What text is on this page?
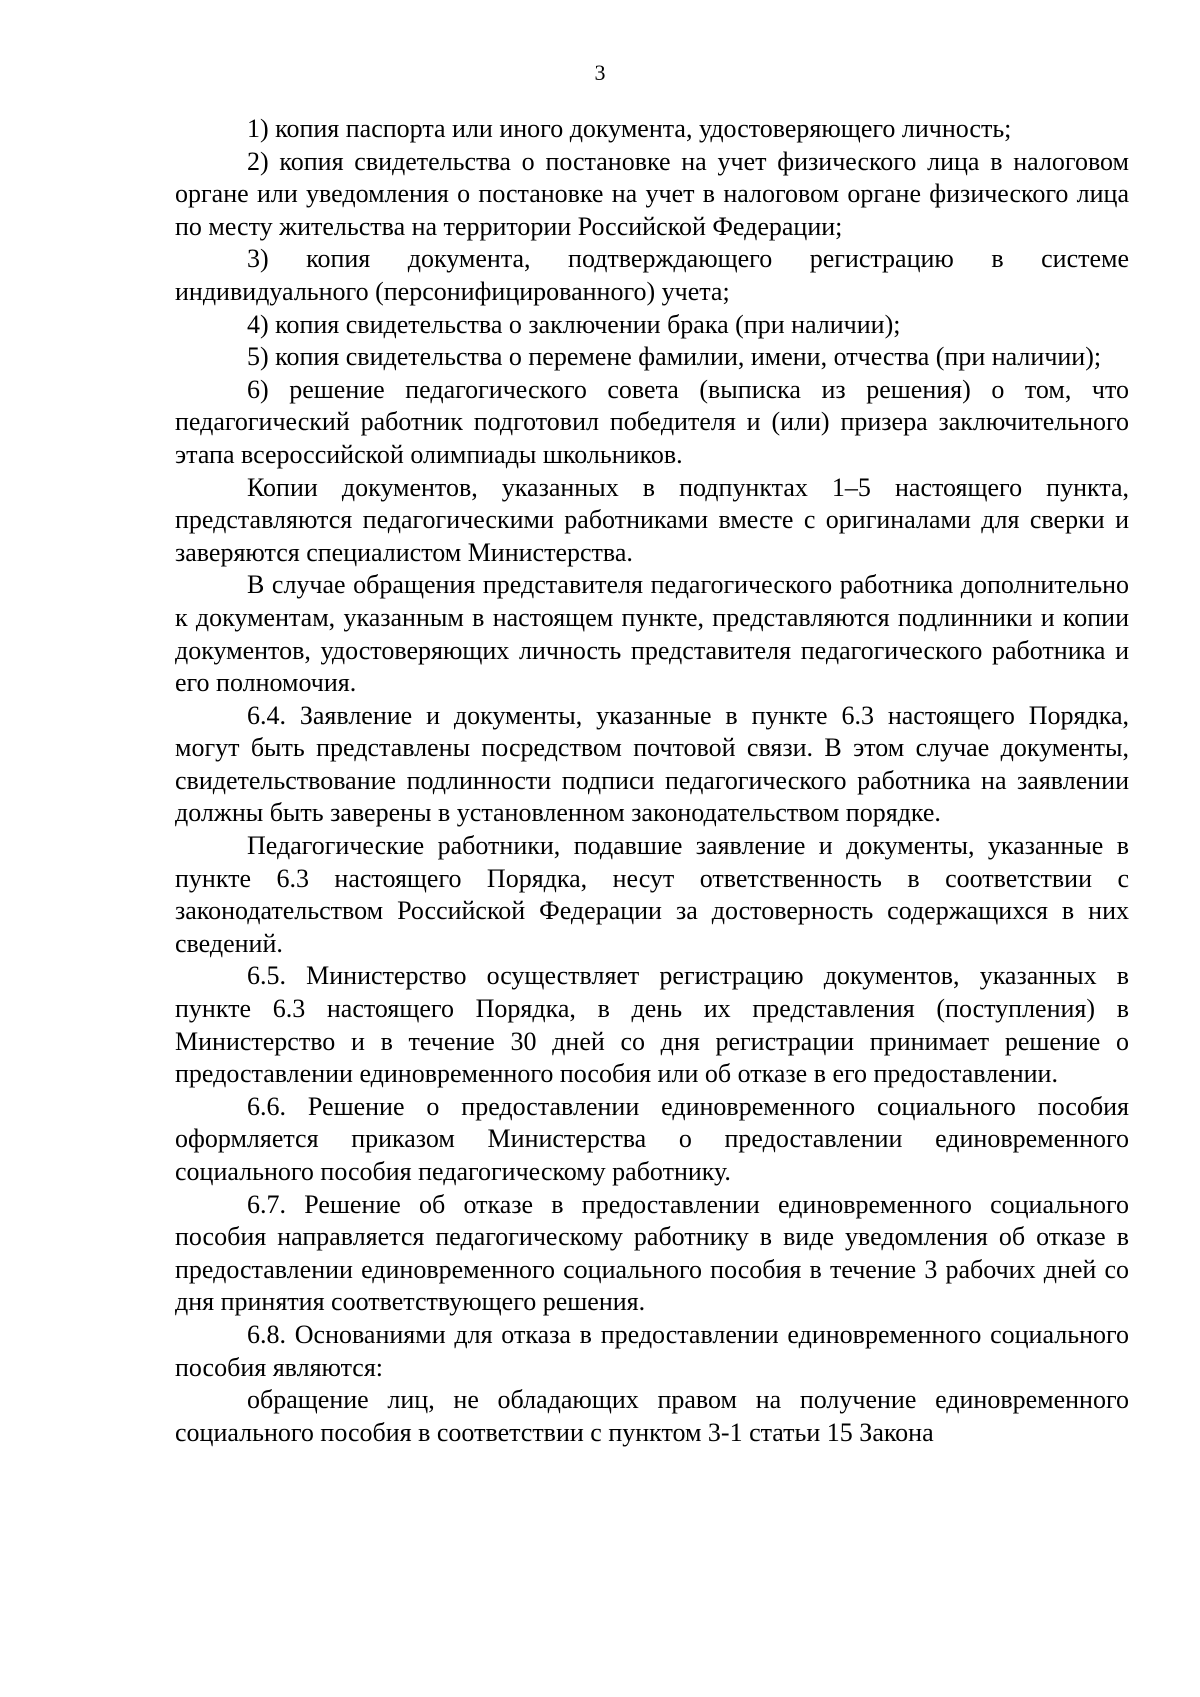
3

1) копия паспорта или иного документа, удостоверяющего личность;

2) копия свидетельства о постановке на учет физического лица в налоговом органе или уведомления о постановке на учет в налоговом органе физического лица по месту жительства на территории Российской Федерации;

3) копия документа, подтверждающего регистрацию в системе индивидуального (персонифицированного) учета;

4) копия свидетельства о заключении брака (при наличии);

5) копия свидетельства о перемене фамилии, имени, отчества (при наличии);

6) решение педагогического совета (выписка из решения) о том, что педагогический работник подготовил победителя и (или) призера заключительного этапа всероссийской олимпиады школьников.

Копии документов, указанных в подпунктах 1–5 настоящего пункта, представляются педагогическими работниками вместе с оригиналами для сверки и заверяются специалистом Министерства.

В случае обращения представителя педагогического работника дополнительно к документам, указанным в настоящем пункте, представляются подлинники и копии документов, удостоверяющих личность представителя педагогического работника и его полномочия.

6.4. Заявление и документы, указанные в пункте 6.3 настоящего Порядка, могут быть представлены посредством почтовой связи. В этом случае документы, свидетельствование подлинности подписи педагогического работника на заявлении должны быть заверены в установленном законодательством порядке.

Педагогические работники, подавшие заявление и документы, указанные в пункте 6.3 настоящего Порядка, несут ответственность в соответствии с законодательством Российской Федерации за достоверность содержащихся в них сведений.

6.5. Министерство осуществляет регистрацию документов, указанных в пункте 6.3 настоящего Порядка, в день их представления (поступления) в Министерство и в течение 30 дней со дня регистрации принимает решение о предоставлении единовременного пособия или об отказе в его предоставлении.

6.6. Решение о предоставлении единовременного социального пособия оформляется приказом Министерства о предоставлении единовременного социального пособия педагогическому работнику.

6.7. Решение об отказе в предоставлении единовременного социального пособия направляется педагогическому работнику в виде уведомления об отказе в предоставлении единовременного социального пособия в течение 3 рабочих дней со дня принятия соответствующего решения.

6.8. Основаниями для отказа в предоставлении единовременного социального пособия являются:

обращение лиц, не обладающих правом на получение единовременного социального пособия в соответствии с пунктом 3-1 статьи 15 Закона
